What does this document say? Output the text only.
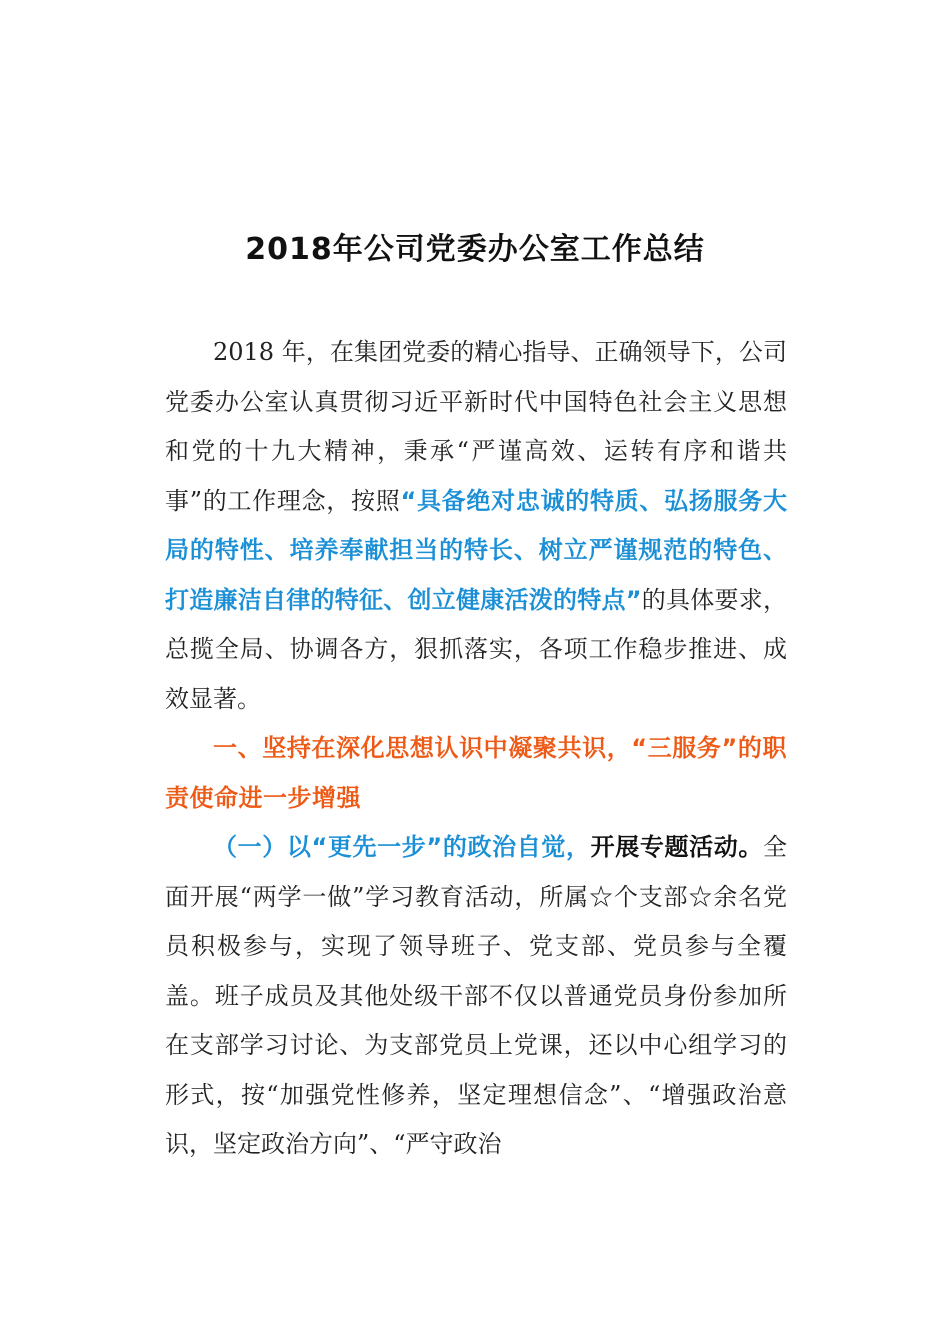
2018年公司党委办公室工作总结

2018 年，在集团党委的精心指导、正确领导下，公司党委办公室认真贯彻习近平新时代中国特色社会主义思想和党的十九大精神，秉承“严谨高效、运转有序和谐共事”的工作理念，按照“具备绝对忠诚的特质、弘扬服务大局的特性、培养奉献担当的特长、树立严谨规范的特色、打造廉洁自律的特征、创立健康活泼的特点”的具体要求，总揽全局、协调各方，狠抓落实，各项工作稳步推进、成效显著。

一、坚持在深化思想认识中凝聚共识，“三服务”的职责使命进一步增强

（一）以“更先一步”的政治自觉，开展专题活动。全面开展“两学一做”学习教育活动，所属☆个支部☆余名党员积极参与，实现了领导班子、党支部、党员参与全覆盖。班子成员及其他处级干部不仅以普通党员身份参加所在支部学习讨论、为支部党员上党课，还以中心组学习的形式，按“加强党性修养，坚定理想信念”、“增强政治意识，坚定政治方向”、“严守政治
